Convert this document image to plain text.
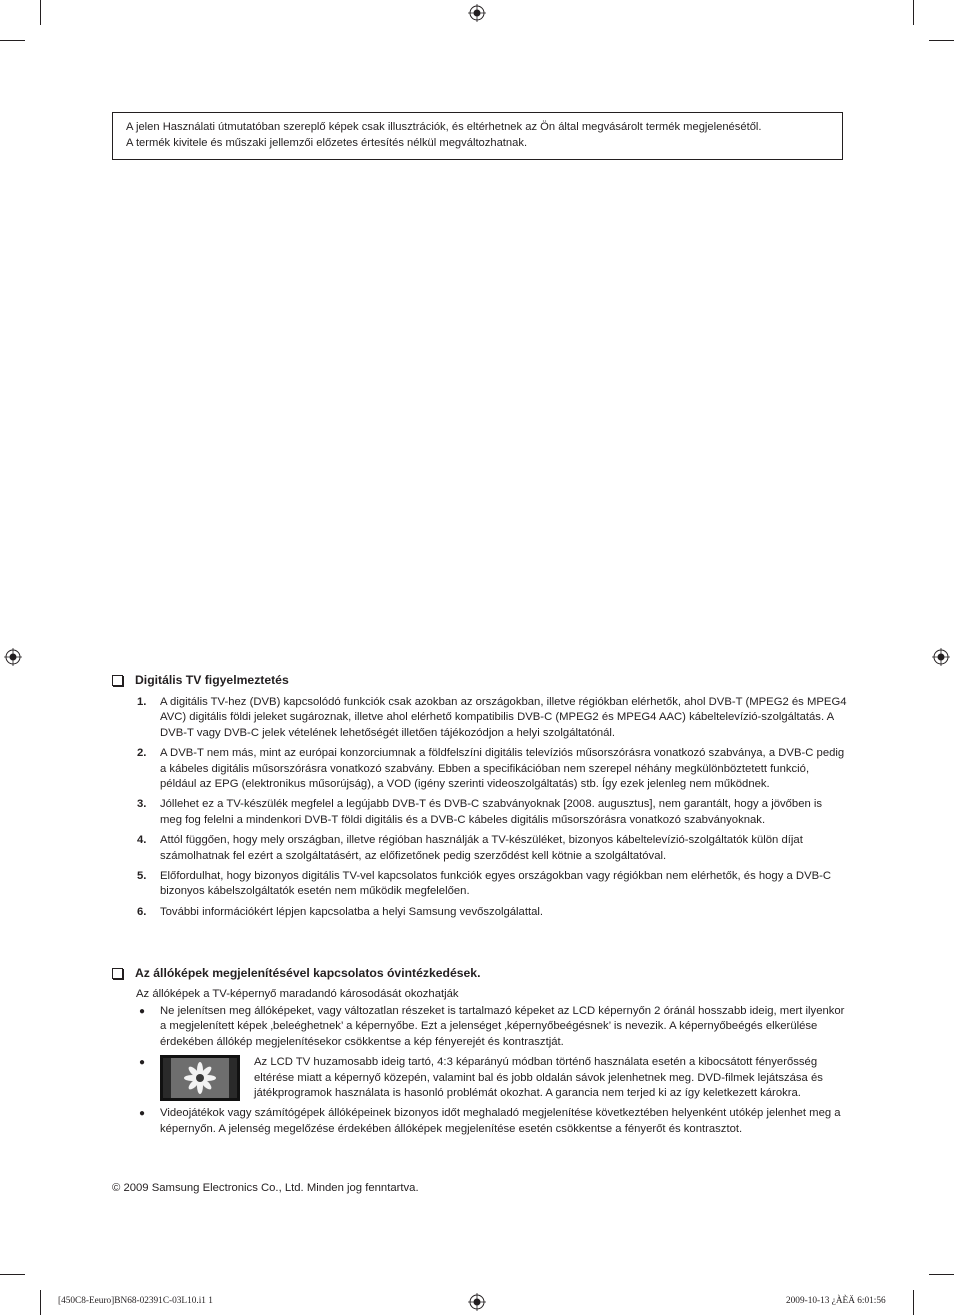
A jelen Használati útmutatóban szereplő képek csak illusztrációk, és eltérhetnek az Ön által megvásárolt termék megjelenésétől.
A termék kivitele és műszaki jellemzői előzetes értesítés nélkül megváltozhatnak.
Digitális TV figyelmeztetés
1. A digitális TV-hez (DVB) kapcsolódó funkciók csak azokban az országokban, illetve régiókban elérhetők, ahol DVB-T (MPEG2 és MPEG4 AVC) digitális földi jeleket sugároznak, illetve ahol elérhető kompatibilis DVB-C (MPEG2 és MPEG4 AAC) kábeltelevízió-szolgáltatás. A DVB-T vagy DVB-C jelek vételének lehetőségét illetően tájékozódjon a helyi szolgáltatónál.
2. A DVB-T nem más, mint az európai konzorciumnak a földfelszíni digitális televíziós műsorszórásra vonatkozó szabványa, a DVB-C pedig a kábeles digitális műsorszórásra vonatkozó szabvány. Ebben a specifikációban nem szerepel néhány megkülönböztetett funkció, például az EPG (elektronikus műsorújság), a VOD (igény szerinti videoszolgáltatás) stb. Így ezek jelenleg nem működnek.
3. Jóllehet ez a TV-készülék megfelel a legújabb DVB-T és DVB-C szabványoknak [2008. augusztus], nem garantált, hogy a jövőben is meg fog felelni a mindenkori DVB-T földi digitális és a DVB-C kábeles digitális műsorszórásra vonatkozó szabványoknak.
4. Attól függően, hogy mely országban, illetve régióban használják a TV-készüléket, bizonyos kábeltelevízió-szolgáltatók külön díjat számolhatnak fel ezért a szolgáltatásért, az előfizetőnek pedig szerződést kell kötnie a szolgáltatóval.
5. Előfordulhat, hogy bizonyos digitális TV-vel kapcsolatos funkciók egyes országokban vagy régiókban nem elérhetők, és hogy a DVB-C bizonyos kábelszolgáltatók esetén nem működik megfelelően.
6. További információkért lépjen kapcsolatba a helyi Samsung vevőszolgálattal.
Az állóképek megjelenítésével kapcsolatos óvintézkedések.
Az állóképek a TV-képernyő maradandó károsodását okozhatják
● Ne jelenítsen meg állóképeket, vagy változatlan részeket is tartalmazó képeket az LCD képernyőn 2 óránál hosszabb ideig, mert ilyenkor a megjelenített képek ‚beleéghetnek’ a képernyőbe. Ezt a jelenséget ‚képernyőbeégésnek’ is nevezik. A képernyőbeégés elkerülése érdekében állókép megjelenítésekor csökkentse a kép fényerejét és kontrasztját.
●	Az LCD TV huzamosabb ideig tartó, 4:3 képarányú módban történő használata esetén a kibocsátott fényerősség eltérése miatt a képernyő közepén, valamint bal és jobb oldalán sávok jelenhetnek meg. DVD-filmek lejátszása és játékprogramok használata is hasonló problémát okozhat. A garancia nem terjed ki az így keletkezett károkra.
● Videojátékok vagy számítógépek állóképeinek bizonyos időt meghaladó megjelenítése következtében helyenként utókép jelenhet meg a képernyőn. A jelenség megelőzése érdekében állóképek megjelenítése esetén csökkentse a fényerőt és kontrasztot.
© 2009 Samsung Electronics Co., Ltd. Minden jog fenntartva.
[450C8-Eeuro]BN68-02391C-03L10.i1 1	2009-10-13 ¿ÀÈÄ 6:01:56
